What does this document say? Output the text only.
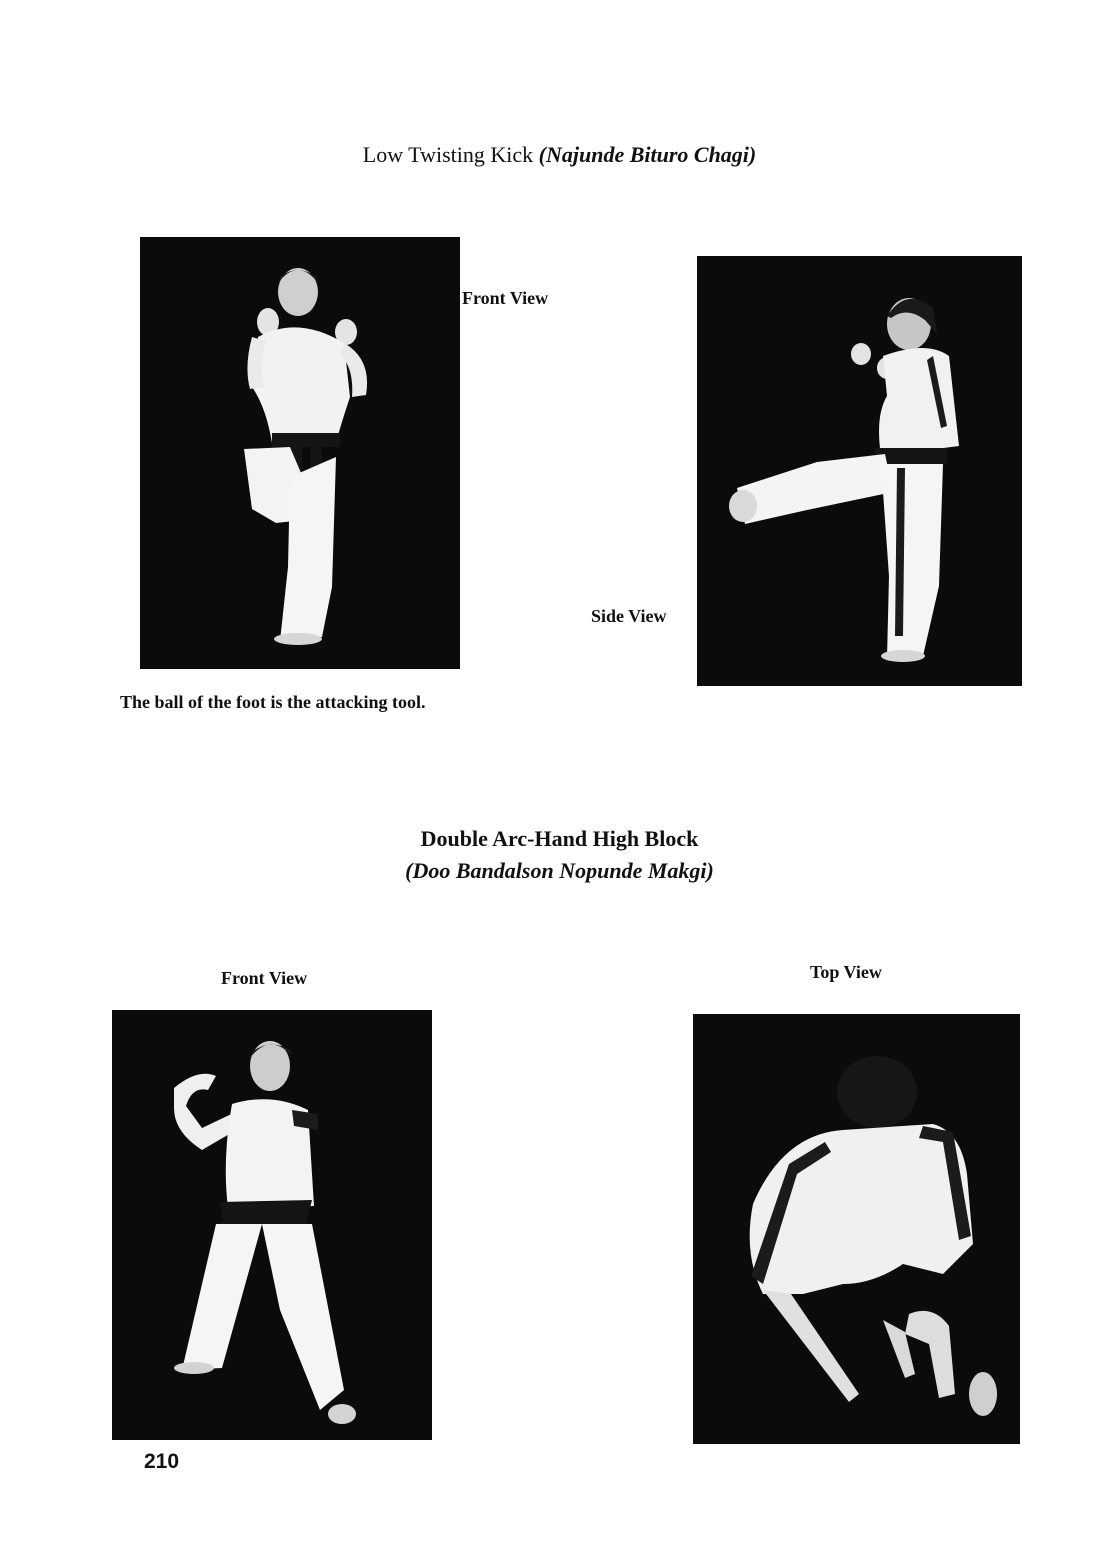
Low Twisting Kick (Najunde Bituro Chagi)
Front View
Side View
The ball of the foot is the attacking tool.
Double Arc-Hand High Block
(Doo Bandalson Nopunde Makgi)
Front View	Top View
210
